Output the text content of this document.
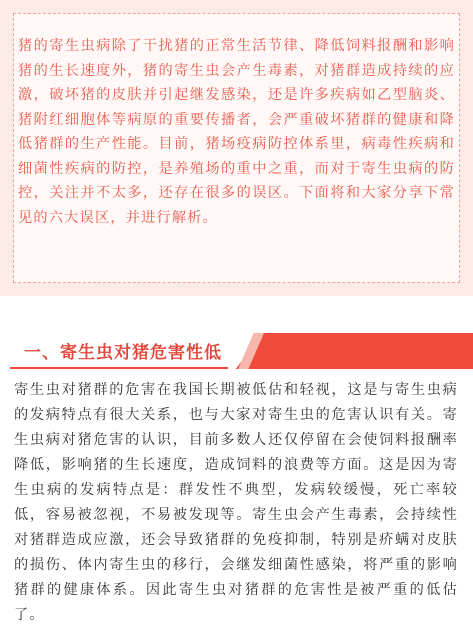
猪的寄生虫病除了干扰猪的正常生活节律、降低饲料报酬和影响猪的生长速度外，猪的寄生虫会产生毒素，对猪群造成持续的应激，破坏猪的皮肤并引起继发感染，还是许多疾病如乙型脑炎、猪附红细胞体等病原的重要传播者，会严重破坏猪群的健康和降低猪群的生产性能。目前，猪场疫病防控体系里，病毒性疾病和细菌性疾病的防控，是养殖场的重中之重，而对于寄生虫病的防控，关注并不太多，还存在很多的误区。下面将和大家分享下常见的六大误区，并进行解析。

一、寄生虫对猪危害性低

寄生虫对猪群的危害在我国长期被低估和轻视，这是与寄生虫病的发病特点有很大关系，也与大家对寄生虫的危害认识有关。寄生虫病对猪危害的认识，目前多数人还仅停留在会使饲料报酬率降低，影响猪的生长速度，造成饲料的浪费等方面。这是因为寄生虫病的发病特点是：群发性不典型，发病较缓慢，死亡率较低，容易被忽视，不易被发现等。寄生虫会产生毒素，会持续性对猪群造成应激，还会导致猪群的免疫抑制，特别是疥螨对皮肤的损伤、体内寄生虫的移行，会继发细菌性感染，将严重的影响猪群的健康体系。因此寄生虫对猪群的危害性是被严重的低估了。
